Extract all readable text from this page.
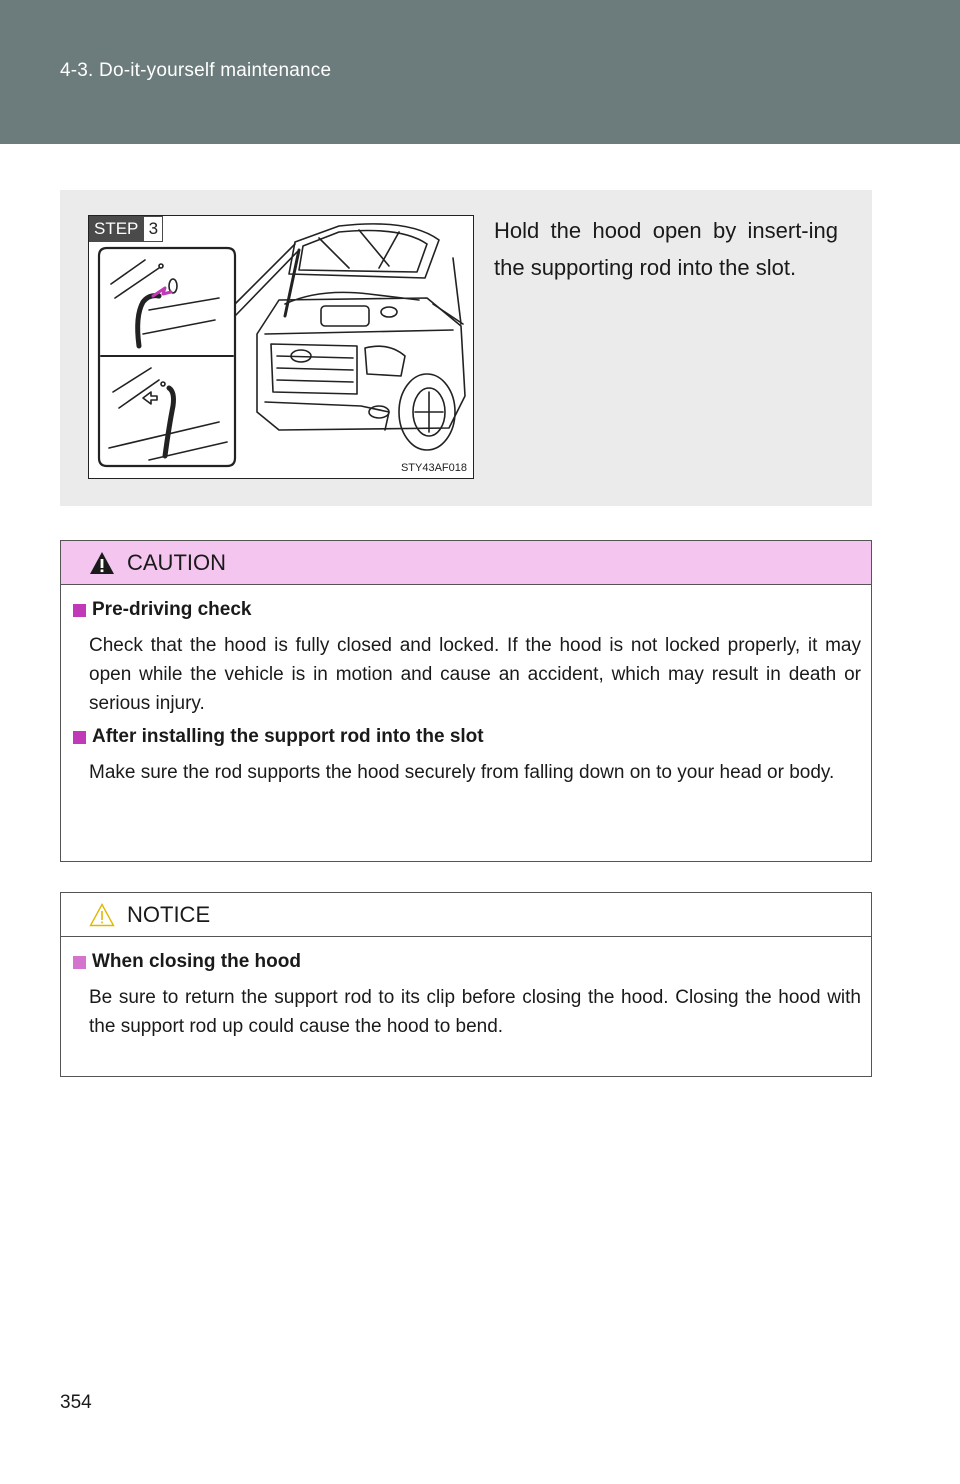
4-3. Do-it-yourself maintenance
STEP 3
STY43AF018
Hold the hood open by insert-ing the supporting rod into the slot.
CAUTION
Pre-driving check
Check that the hood is fully closed and locked. If the hood is not locked properly, it may open while the vehicle is in motion and cause an accident, which may result in death or serious injury.
After installing the support rod into the slot
Make sure the rod supports the hood securely from falling down on to your head or body.
NOTICE
When closing the hood
Be sure to return the support rod to its clip before closing the hood. Closing the hood with the support rod up could cause the hood to bend.
354
